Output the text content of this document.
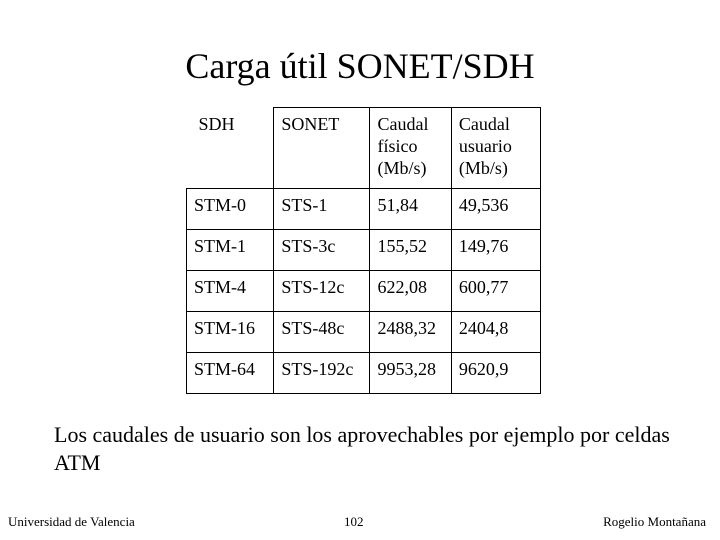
Carga útil SONET/SDH
SDH	SONET	Caudal físico (Mb/s)	Caudal usuario (Mb/s)
STM-0	STS-1	51,84	49,536
STM-1	STS-3c	155,52	149,76
STM-4	STS-12c	622,08	600,77
STM-16	STS-48c	2488,32	2404,8
STM-64	STS-192c	9953,28	9620,9
Los caudales de usuario son los aprovechables por ejemplo por celdas ATM
Universidad de Valencia	102	Rogelio Montañana
